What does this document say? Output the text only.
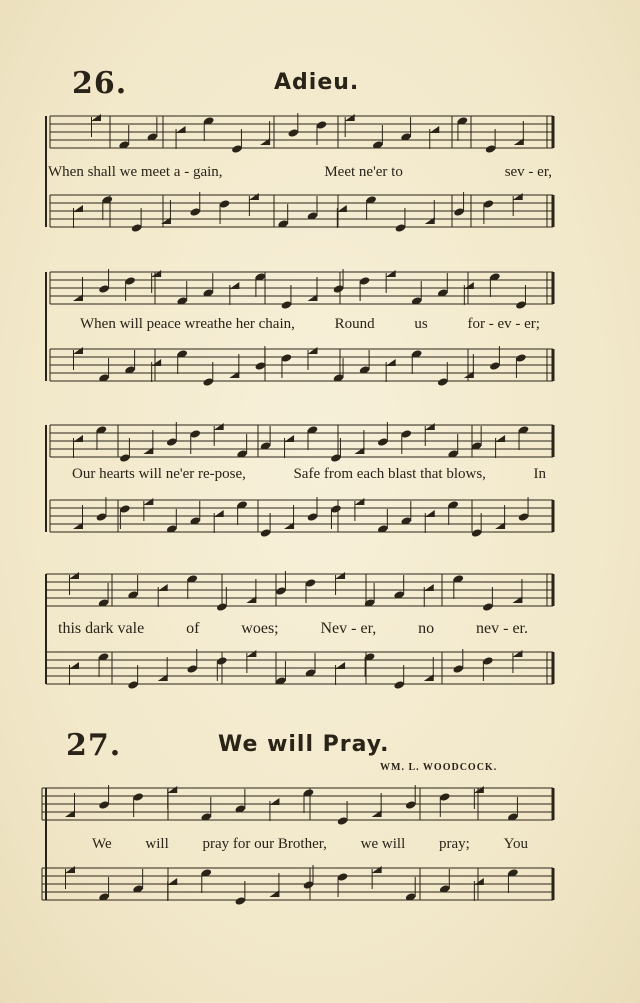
26.	Adieu.
When shall we meet a - gain,	Meet ne'er to	sev - er,
When will peace wreathe her chain,	Round	us	for - ev - er;
Our hearts will ne'er re-pose,	Safe from each blast that blows,	In
this dark vale	of	woes;	Nev - er,	no	nev - er.
27.	We will Pray.
WM. L. WOODCOCK.
We will pray for our Brother, we will pray; You
